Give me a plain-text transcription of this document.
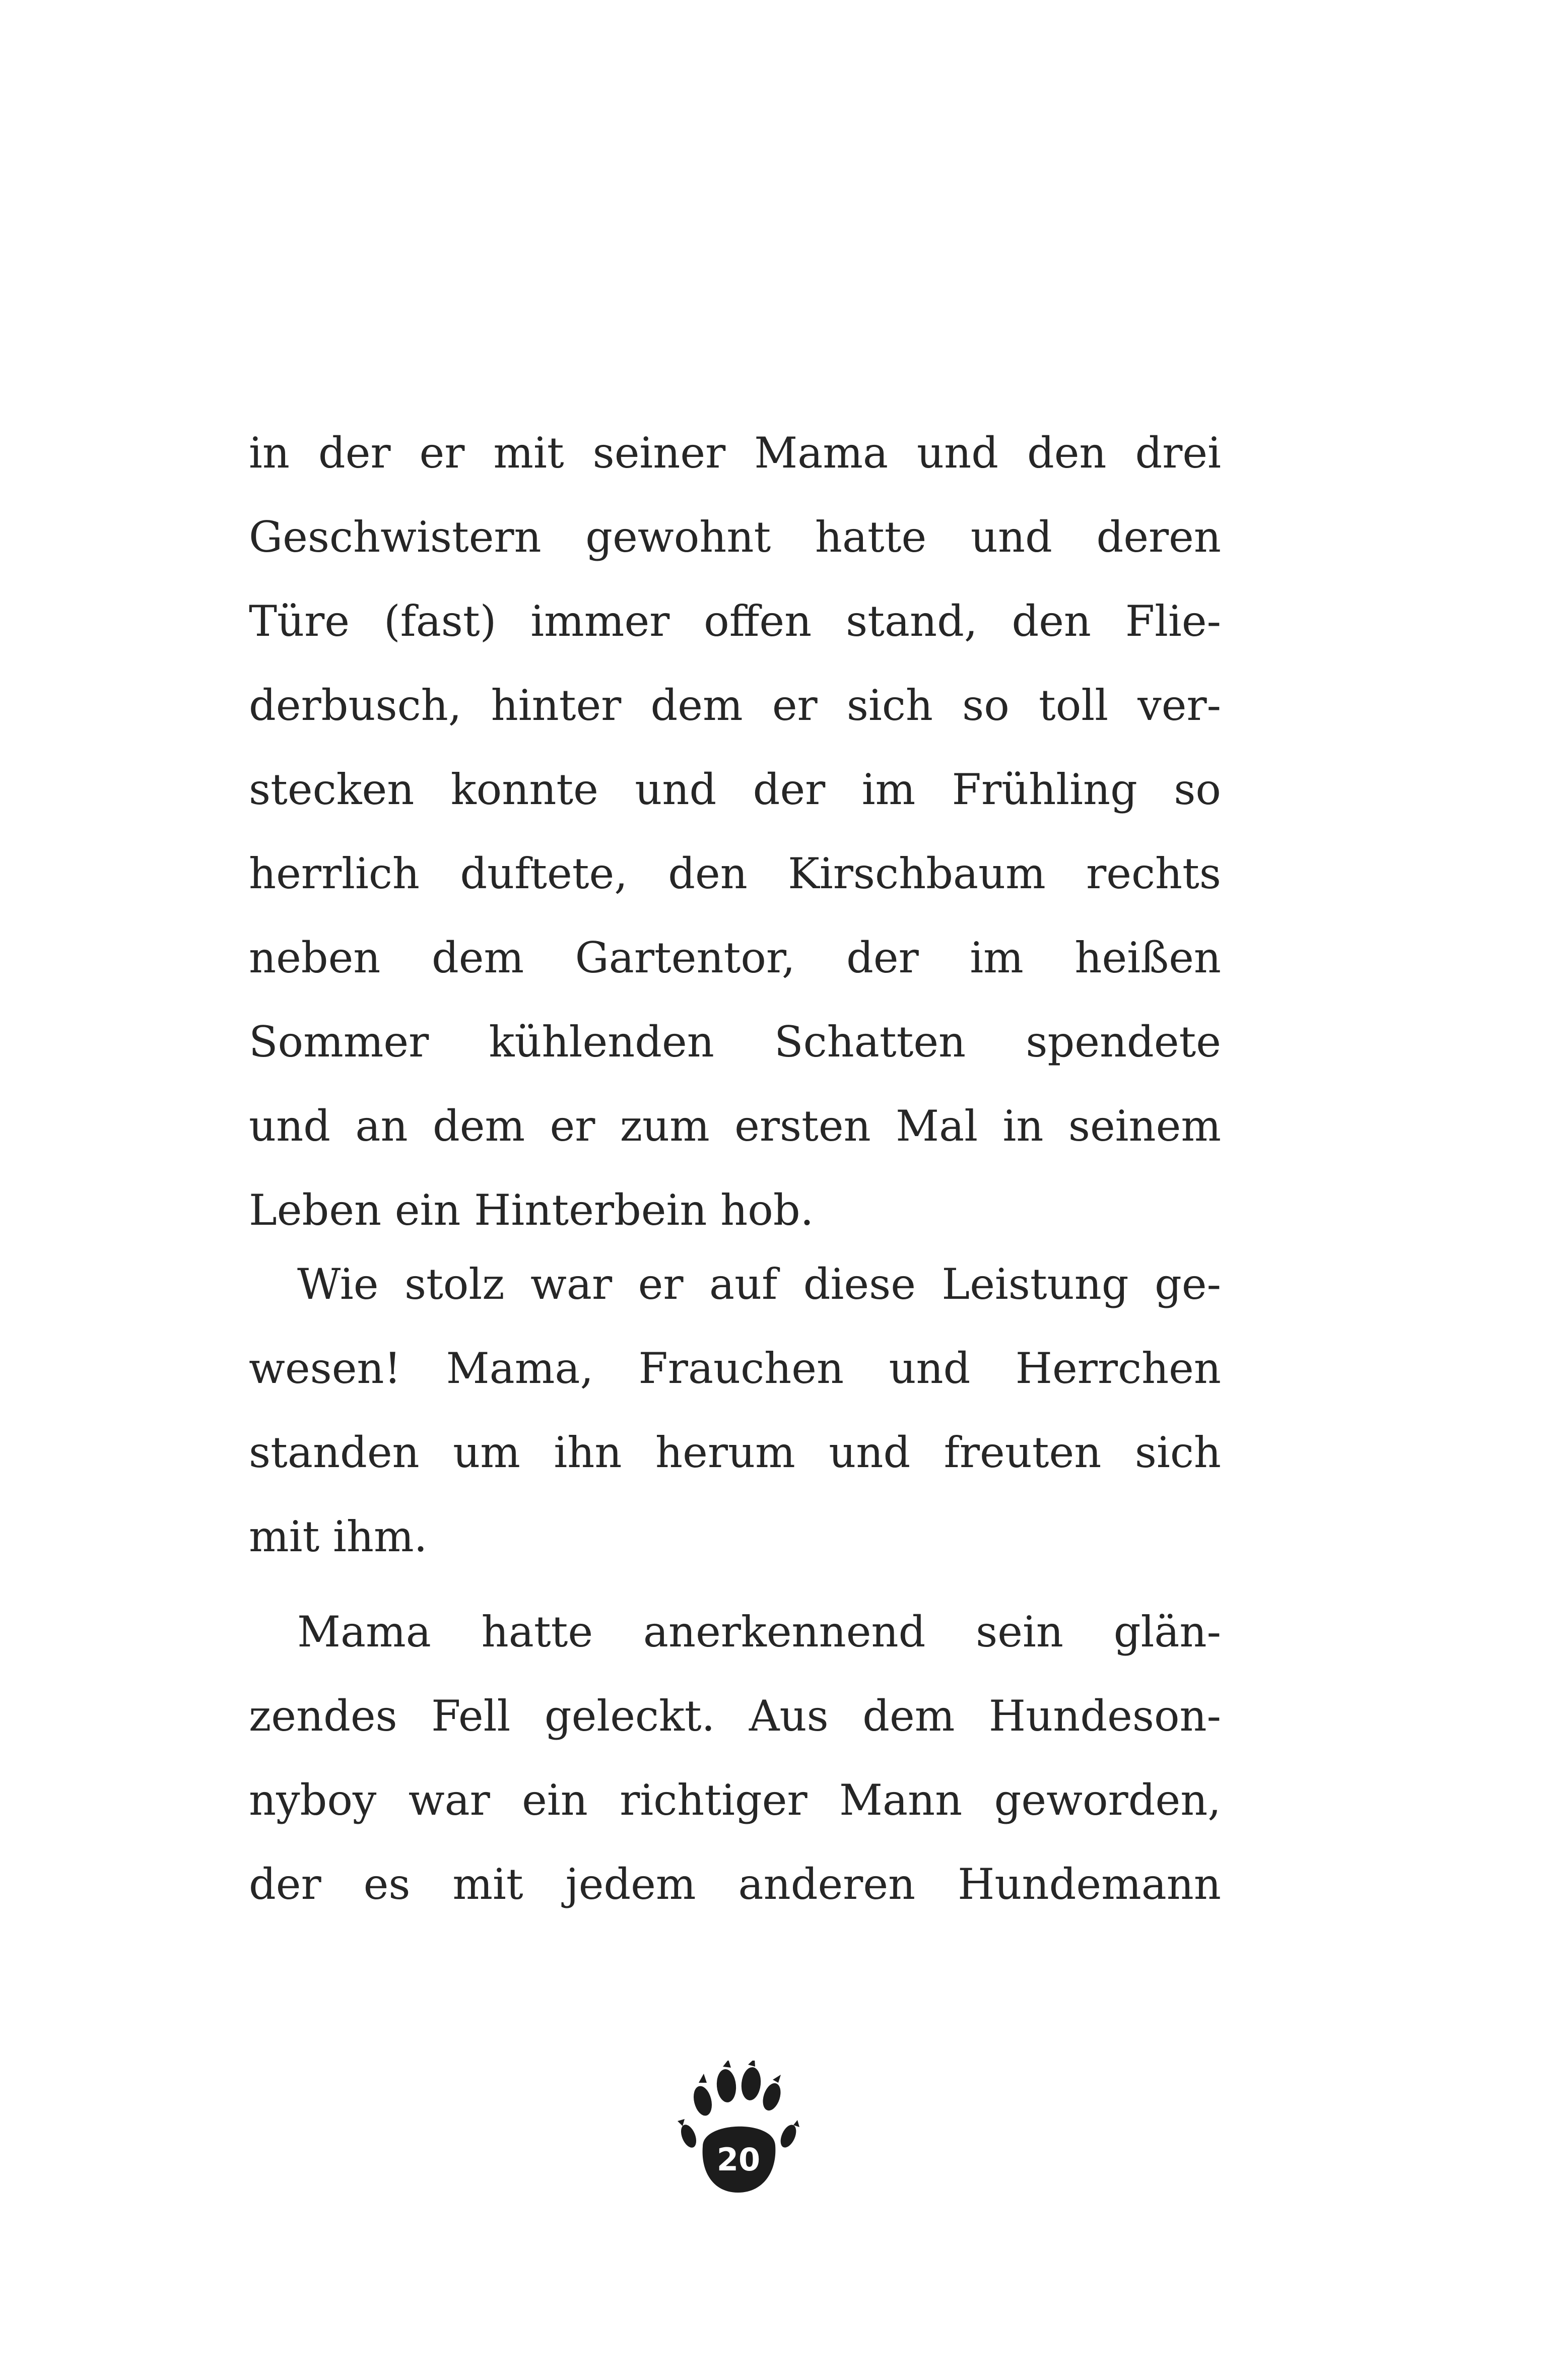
in der er mit seiner Mama und den drei
Geschwistern gewohnt hatte und deren
Türe (fast) immer offen stand, den Flie-
derbusch, hinter dem er sich so toll ver-
stecken konnte und der im Frühling so
herrlich duftete, den Kirschbaum rechts
neben dem Gartentor, der im heißen
Sommer kühlenden Schatten spendete
und an dem er zum ersten Mal in seinem
Leben ein Hinterbein hob.
Wie stolz war er auf diese Leistung ge-
wesen! Mama, Frauchen und Herrchen
standen um ihn herum und freuten sich
mit ihm.
Mama hatte anerkennend sein glän-
zendes Fell geleckt. Aus dem Hundeson-
nyboy war ein richtiger Mann geworden,
der es mit jedem anderen Hundemann
20
